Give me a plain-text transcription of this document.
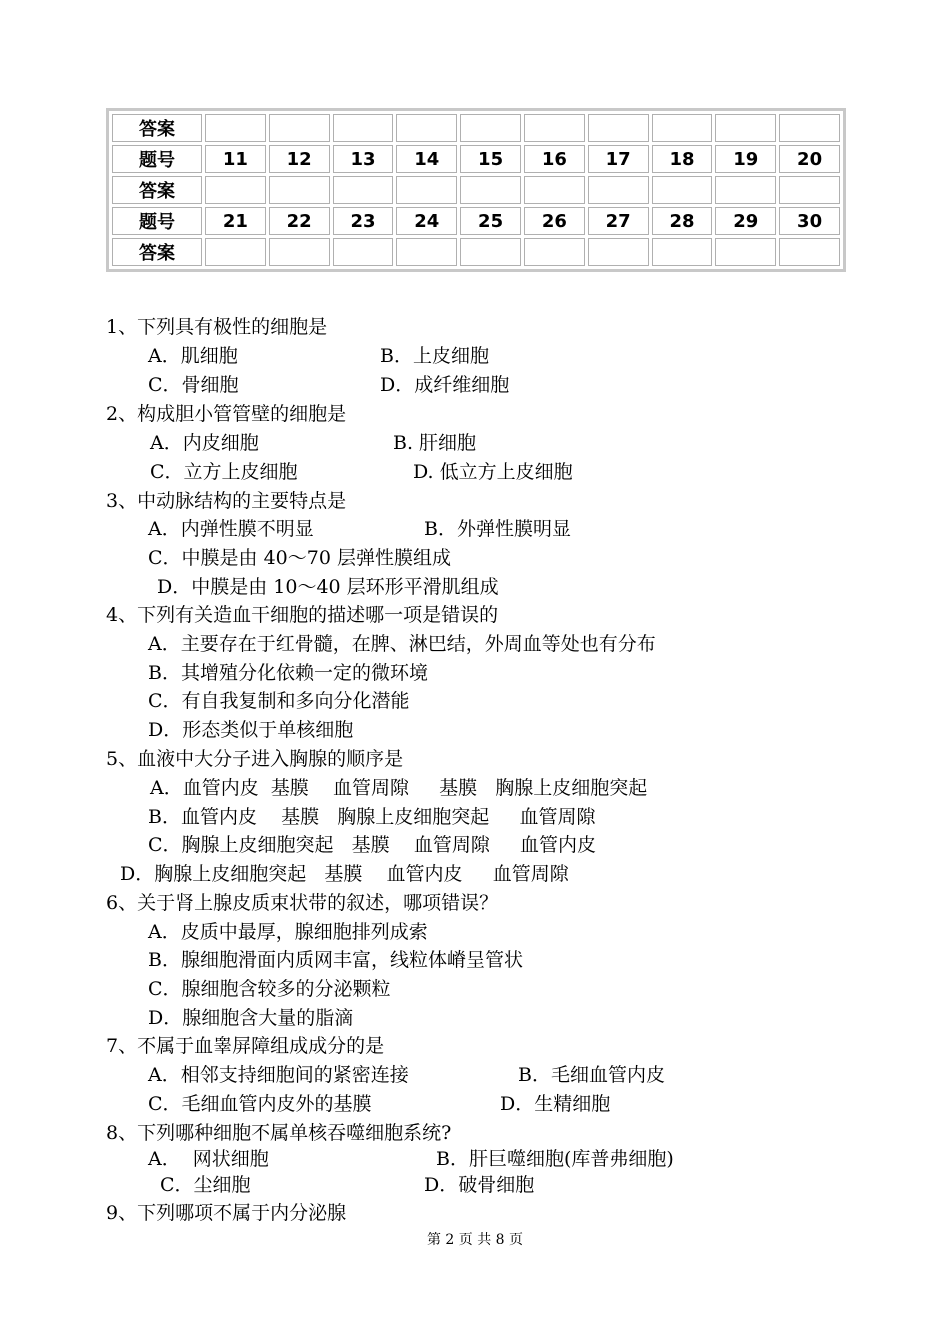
答案										
题号	11	12	13	14	15	16	17	18	19	20
答案										
题号	21	22	23	24	25	26	27	28	29	30
答案										
1、下列具有极性的细胞是
A．肌细胞	B．上皮细胞
C．骨细胞	D．成纤维细胞
2、构成胆小管管壁的细胞是
A．内皮细胞	B. 肝细胞
C．立方上皮细胞	D. 低立方上皮细胞
3、中动脉结构的主要特点是
A．内弹性膜不明显	B．外弹性膜明显
C．中膜是由 40～70 层弹性膜组成
D．中膜是由 10～40 层环形平滑肌组成
4、下列有关造血干细胞的描述哪一项是错误的
A．主要存在于红骨髓，在脾、淋巴结，外周血等处也有分布
B．其增殖分化依赖一定的微环境
C．有自我复制和多向分化潜能
D．形态类似于单核细胞
5、血液中大分子进入胸腺的顺序是
A．血管内皮  基膜    血管周隙     基膜   胸腺上皮细胞突起
B．血管内皮    基膜   胸腺上皮细胞突起     血管周隙
C．胸腺上皮细胞突起   基膜    血管周隙     血管内皮
D．胸腺上皮细胞突起   基膜    血管内皮     血管周隙
6、关于肾上腺皮质束状带的叙述，哪项错误？
A．皮质中最厚，腺细胞排列成索
B．腺细胞滑面内质网丰富，线粒体嵴呈管状
C．腺细胞含较多的分泌颗粒
D．腺细胞含大量的脂滴
7、不属于血睾屏障组成成分的是
A．相邻支持细胞间的紧密连接	B．毛细血管内皮
C．毛细血管内皮外的基膜	D．生精细胞
8、下列哪种细胞不属单核吞噬细胞系统?
A．  网状细胞	B．肝巨噬细胞(库普弗细胞)
C．尘细胞	D．破骨细胞
9、下列哪项不属于内分泌腺
第 2 页 共 8 页
